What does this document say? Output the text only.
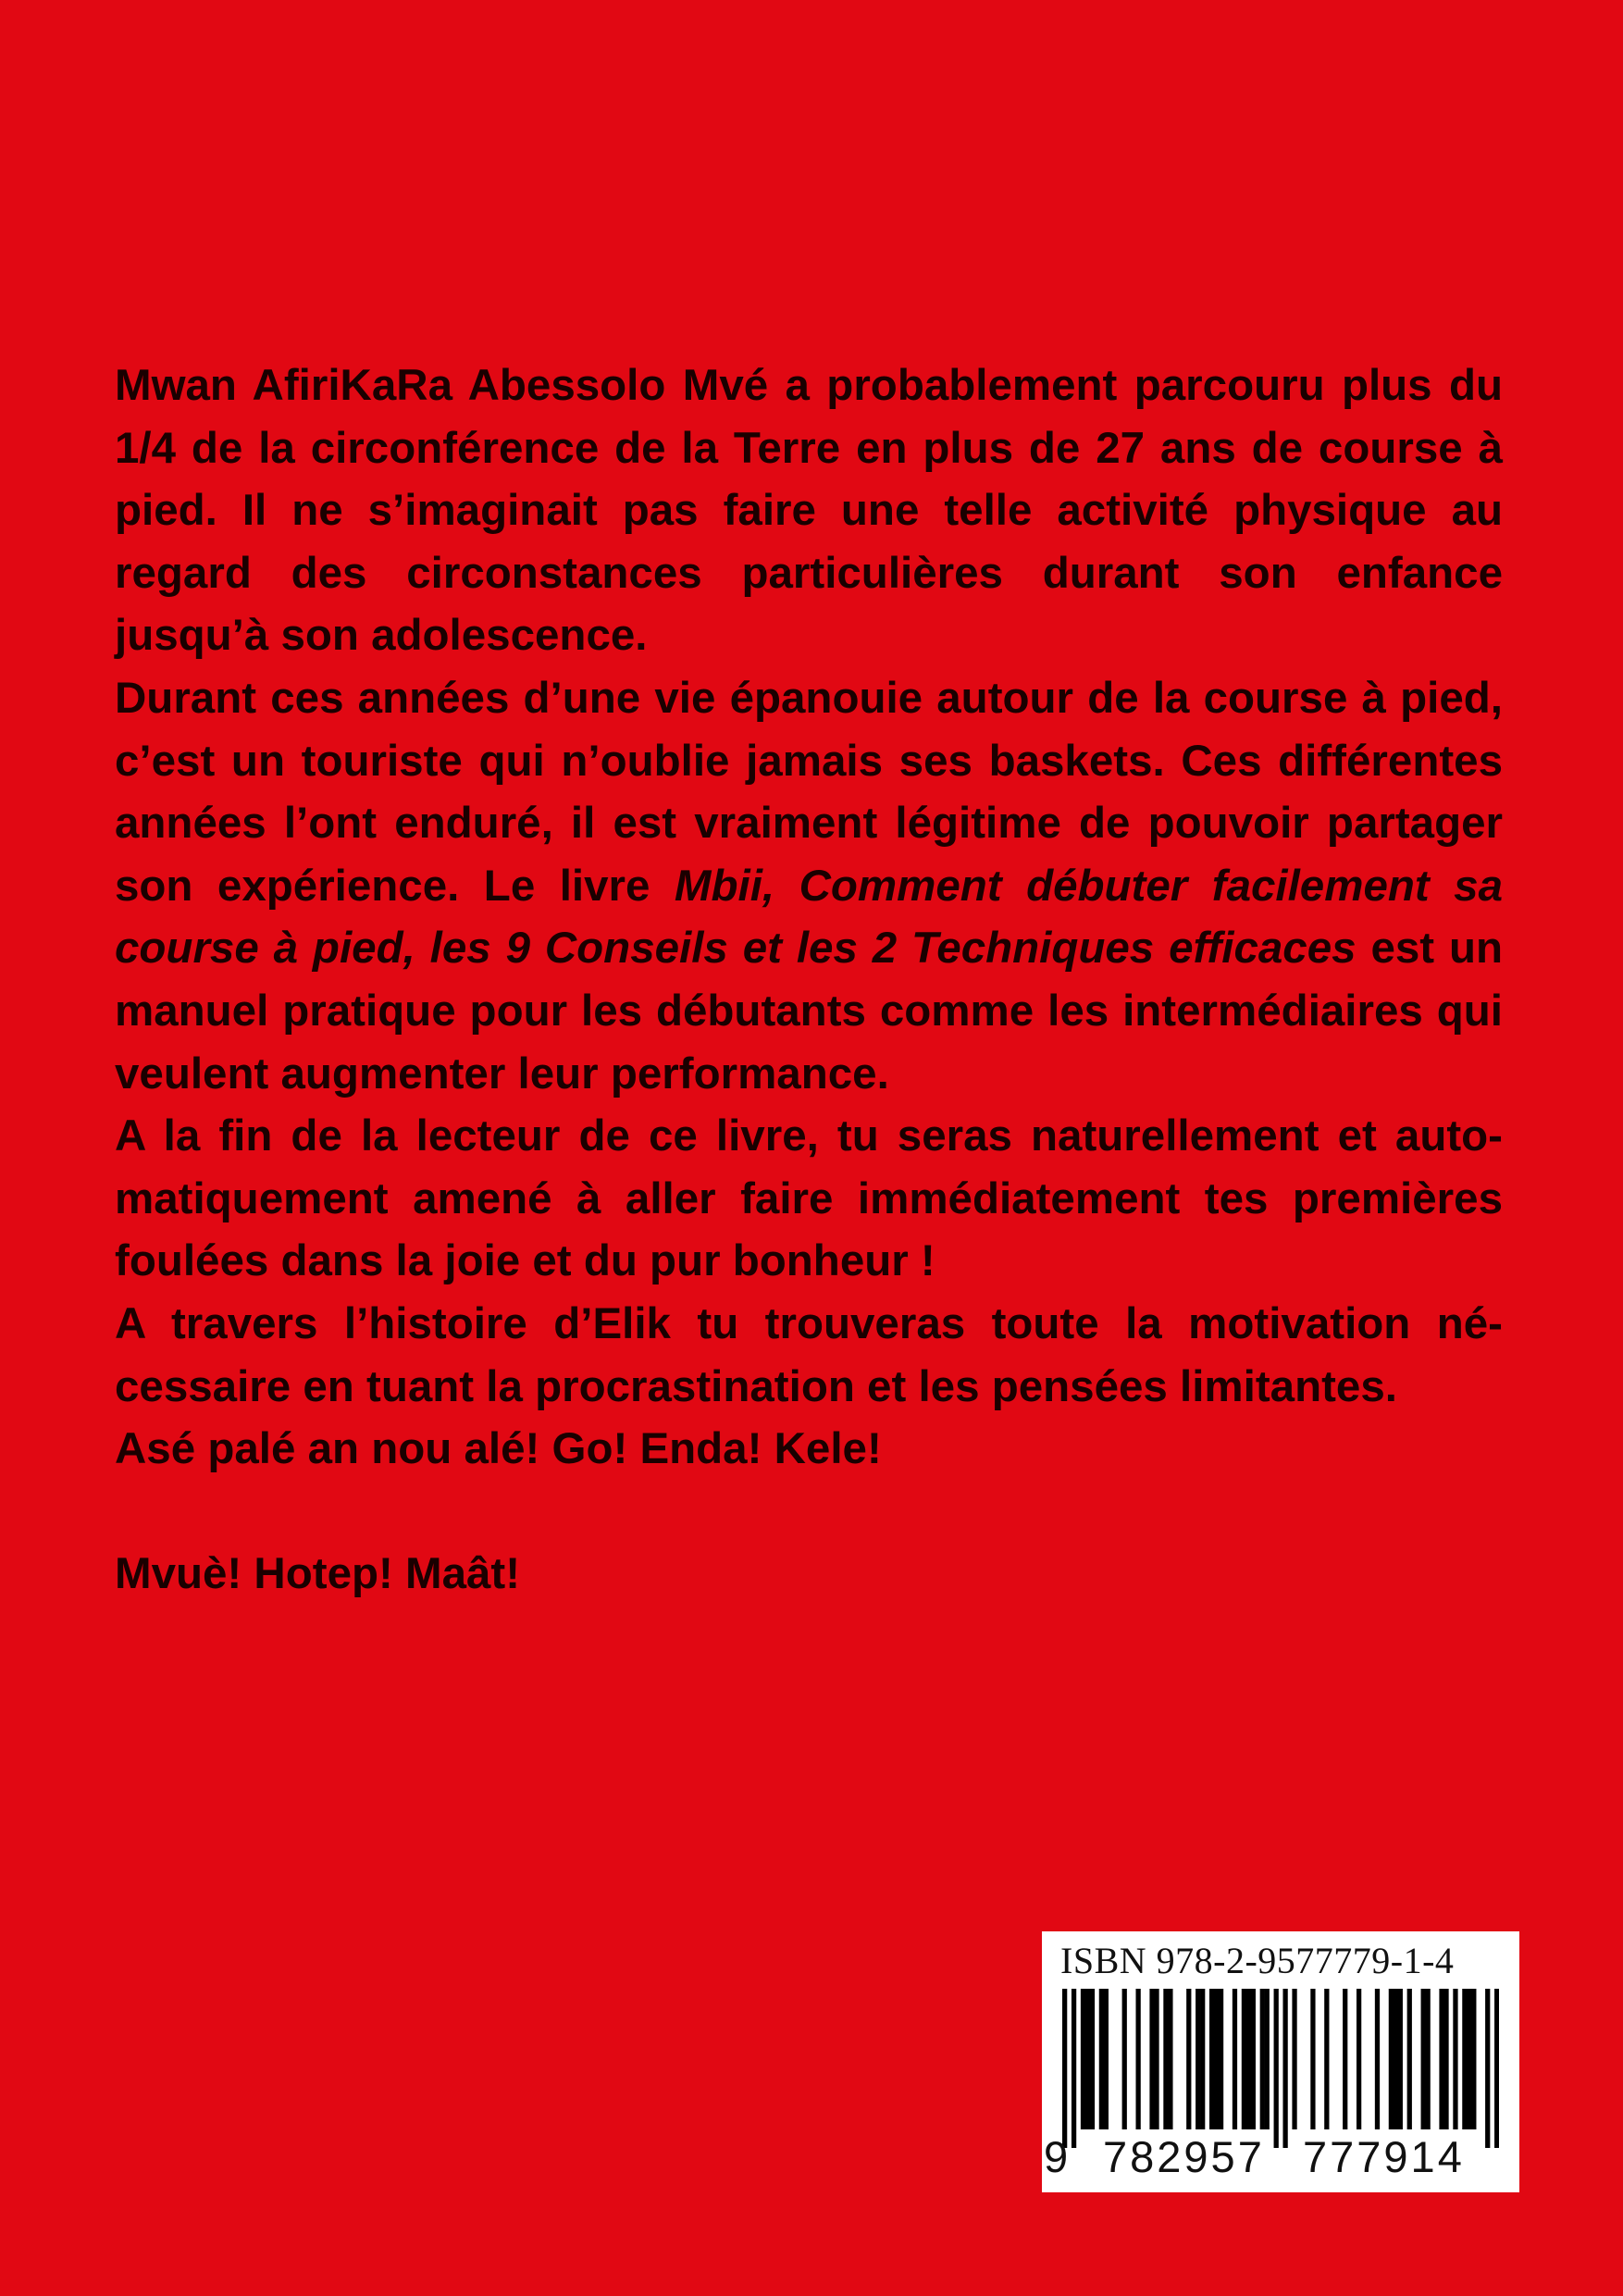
Mwan AfiriKaRa Abessolo Mvé a probablement parcouru plus du 1/4 de la circonférence de la Terre en plus de 27 ans de course à pied. Il ne s’imaginait pas faire une telle activité physique au regard des circonstances particulières durant son enfance jusqu’à son adolescence.

Durant ces années d’une vie épanouie autour de la course à pied, c’est un touriste qui n’oublie jamais ses baskets. Ces différentes années l’ont enduré, il est vraiment légitime de pouvoir partager son expérience. Le livre Mbii, Comment débuter facilement sa course à pied, les 9 Conseils et les 2 Techniques efficaces est un manuel pratique pour les débutants comme les intermédiaires qui veulent augmenter leur performance.

A la fin de la lecteur de ce livre, tu seras naturellement et automatiquement amené à aller faire immédiatement tes premières foulées dans la joie et du pur bonheur !

A travers l’histoire d’Elik tu trouveras toute la motivation nécessaire en tuant la procrastination et les pensées limitantes.

Asé palé an nou alé! Go! Enda! Kele!

Mvuè! Hotep! Maât!

ISBN 978-2-9577779-1-4
9 782957 777914
